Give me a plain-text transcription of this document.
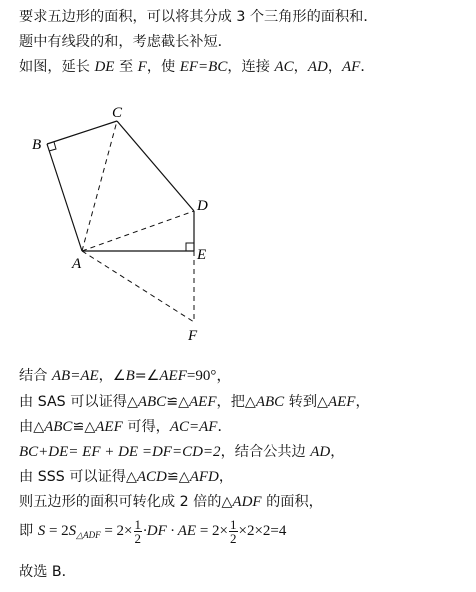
要求五边形的面积，可以将其分成 3 个三角形的面积和．
题中有线段的和，考虑截长补短．
如图，延长 DE 至 F，使 EF=BC，连接 AC，AD，AF．
A
B
C
D
E
F
结合 AB=AE，∠B=∠AEF=90°，
由 SAS 可以证得△ABC≌△AEF，把△ABC 转到△AEF，
由△ABC≌△AEF 可得，AC=AF．
BC+DE= EF + DE =DF=CD=2，结合公共边 AD，
由 SSS 可以证得△ACD≌△AFD，
则五边形的面积可转化成 2 倍的△ADF 的面积，
即 $S = 2S_{\triangle ADF} = 2\times \frac{1}{2} \cdot DF$ · AE = $2\times \frac{1}{2} \times 2\times 2=4$
故选 B．
